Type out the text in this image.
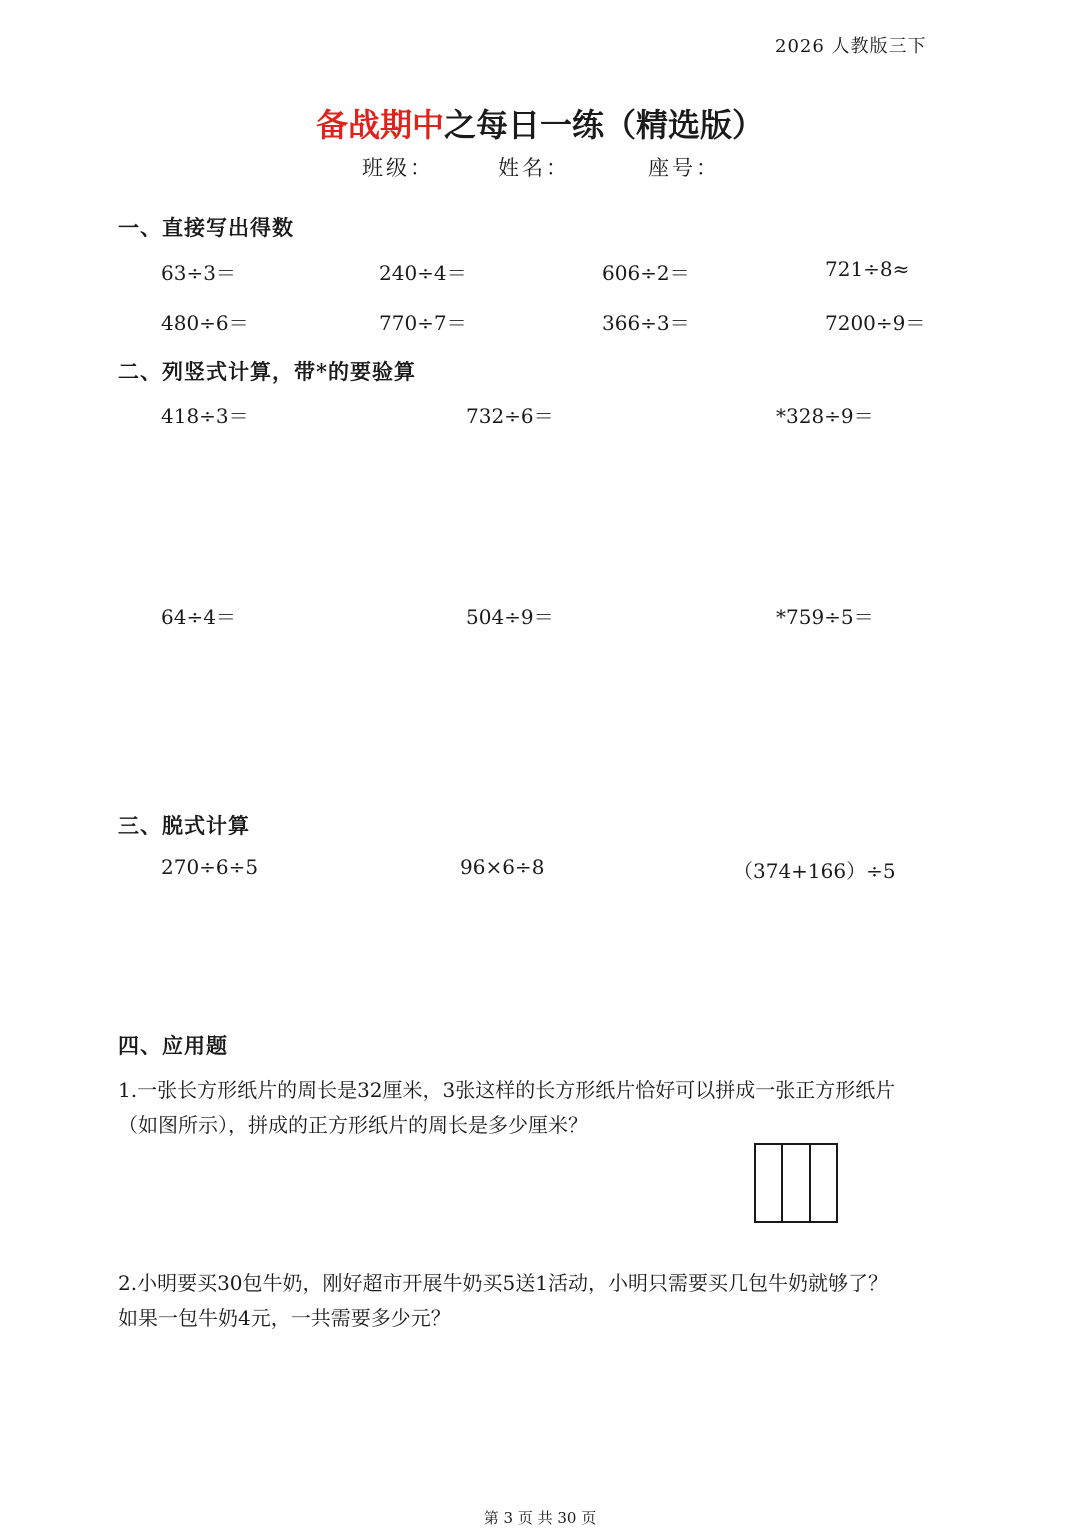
2026 人教版三下
备战期中之每日一练（精选版）
班级：	姓名：	座号：
一、直接写出得数
63÷3＝	240÷4＝	606÷2＝	721÷8≈
480÷6＝	770÷7＝	366÷3＝	7200÷9＝
二、列竖式计算，带*的要验算
418÷3＝	732÷6＝	*328÷9＝
64÷4＝	504÷9＝	*759÷5＝
三、脱式计算
270÷6÷5	96×6÷8	（374+166）÷5
四、应用题
1.一张长方形纸片的周长是32厘米，3张这样的长方形纸片恰好可以拼成一张正方形纸片
（如图所示），拼成的正方形纸片的周长是多少厘米？
2.小明要买30包牛奶，刚好超市开展牛奶买5送1活动，小明只需要买几包牛奶就够了？
如果一包牛奶4元，一共需要多少元？
第 3 页 共 30 页
